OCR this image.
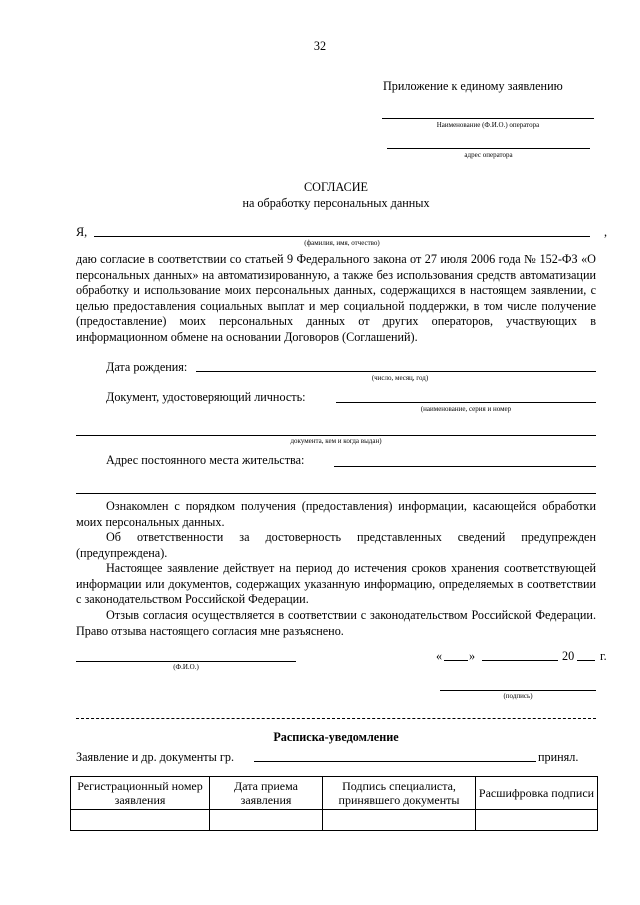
32
Приложение к единому заявлению
Наименование (Ф.И.О.) оператора
адрес оператора
СОГЛАСИЕ
на обработку персональных данных
Я,	,
(фамилия, имя, отчество)
даю согласие в соответствии со статьей 9 Федерального закона от 27 июля 2006 года № 152-ФЗ «О персональных данных» на автоматизированную, а также без использования средств автоматизации обработку и использование моих персональных данных, содержащихся в настоящем заявлении, с целью предоставления социальных выплат и мер социальной поддержки, в том числе получение (предоставление) моих персональных данных от других операторов, участвующих в информационном обмене на основании Договоров (Соглашений).
Дата рождения:
(число, месяц, год)
Документ, удостоверяющий личность:
(наименование, серия и номер
документа, кем и когда выдан)
Адрес постоянного места жительства:
Ознакомлен с порядком получения (предоставления) информации, касающейся обработки моих персональных данных.
Об ответственности за достоверность представленных сведений предупрежден (предупреждена).
Настоящее заявление действует на период до истечения сроков хранения соответствующей информации или документов, содержащих указанную информацию, определяемых в соответствии с законодательством Российской Федерации.
Отзыв согласия осуществляется в соответствии с законодательством Российской Федерации. Право отзыва настоящего согласия мне разъяснено.
(Ф.И.О.)
« »	20 г.
(подпись)
Расписка-уведомление
Заявление и др. документы гр.	принял.
Регистрационный номер заявления	Дата приема заявления	Подпись специалиста, принявшего документы	Расшифровка подписи
